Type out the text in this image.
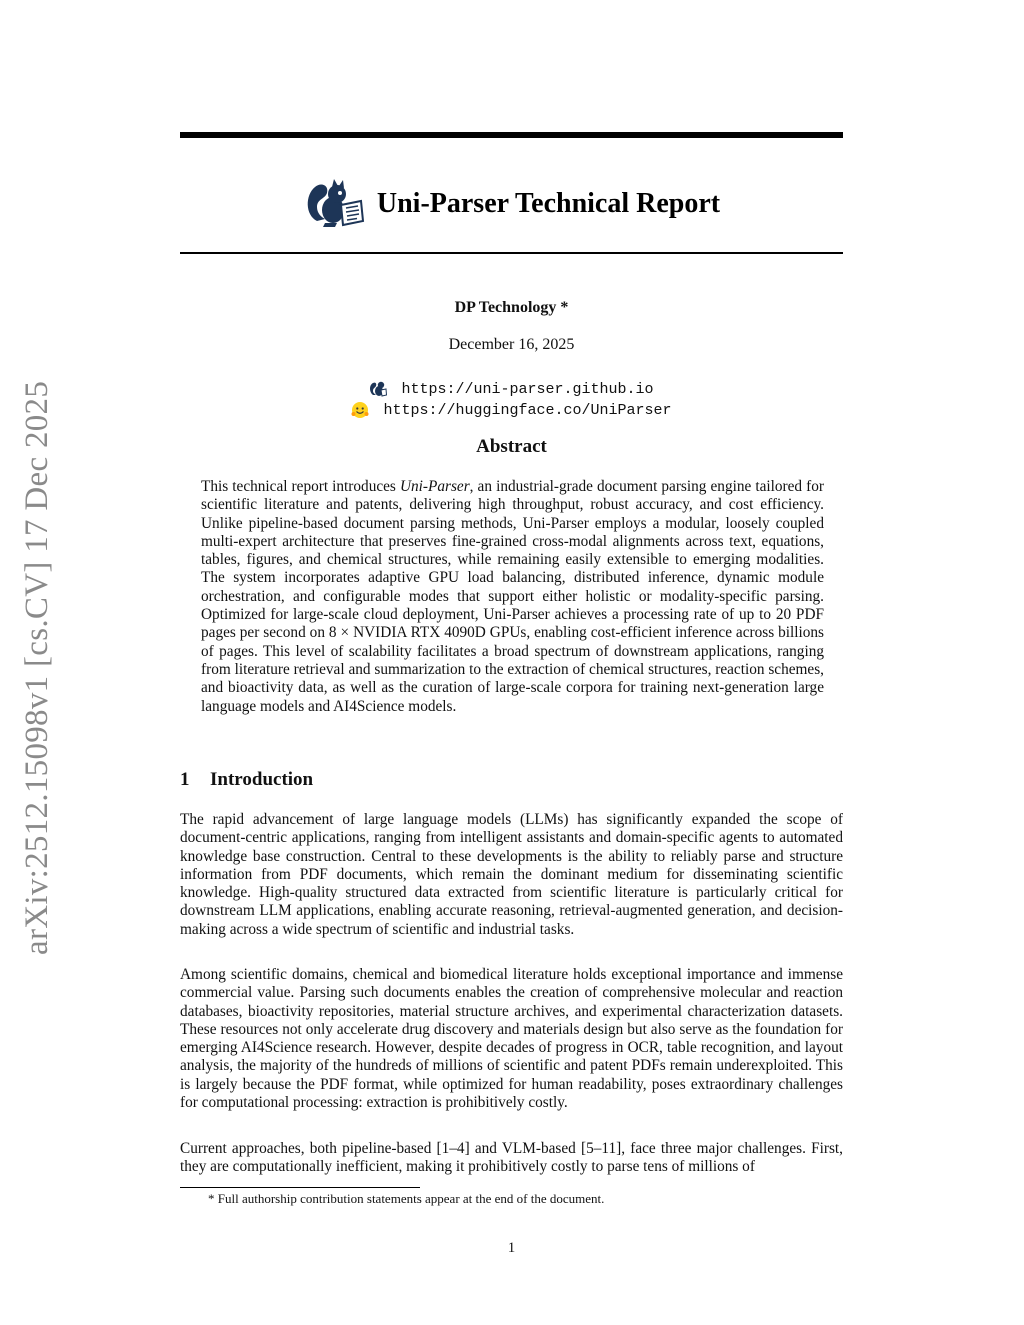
arXiv:2512.15098v1 [cs.CV] 17 Dec 2025
Uni-Parser Technical Report
DP Technology *
December 16, 2025
https://uni-parser.github.io
https://huggingface.co/UniParser
Abstract

This technical report introduces Uni-Parser, an industrial-grade document parsing engine tailored for scientific literature and patents, delivering high throughput, robust accuracy, and cost efficiency. Unlike pipeline-based document parsing methods, Uni-Parser employs a modular, loosely coupled multi-expert architecture that preserves fine-grained cross-modal alignments across text, equations, tables, figures, and chemical structures, while remaining easily extensible to emerging modalities. The system incorporates adaptive GPU load balancing, distributed inference, dynamic module orchestration, and configurable modes that support either holistic or modality-specific parsing. Optimized for large-scale cloud deployment, Uni-Parser achieves a processing rate of up to 20 PDF pages per second on 8 × NVIDIA RTX 4090D GPUs, enabling cost-efficient inference across billions of pages. This level of scalability facilitates a broad spectrum of downstream applications, ranging from literature retrieval and summarization to the extraction of chemical structures, reaction schemes, and bioactivity data, as well as the curation of large-scale corpora for training next-generation large language models and AI4Science models.

1 Introduction

The rapid advancement of large language models (LLMs) has significantly expanded the scope of document-centric applications, ranging from intelligent assistants and domain-specific agents to automated knowledge base construction. Central to these developments is the ability to reliably parse and structure information from PDF documents, which remain the dominant medium for disseminating scientific knowledge. High-quality structured data extracted from scientific literature is particularly critical for downstream LLM applications, enabling accurate reasoning, retrieval-augmented generation, and decision-making across a wide spectrum of scientific and industrial tasks.

Among scientific domains, chemical and biomedical literature holds exceptional importance and immense commercial value. Parsing such documents enables the creation of comprehensive molecular and reaction databases, bioactivity repositories, material structure archives, and experimental characterization datasets. These resources not only accelerate drug discovery and materials design but also serve as the foundation for emerging AI4Science research. However, despite decades of progress in OCR, table recognition, and layout analysis, the majority of the hundreds of millions of scientific and patent PDFs remain underexploited. This is largely because the PDF format, while optimized for human readability, poses extraordinary challenges for computational processing: extraction is prohibitively costly.

Current approaches, both pipeline-based [1–4] and VLM-based [5–11], face three major challenges. First, they are computationally inefficient, making it prohibitively costly to parse tens of millions of

* Full authorship contribution statements appear at the end of the document.
1
